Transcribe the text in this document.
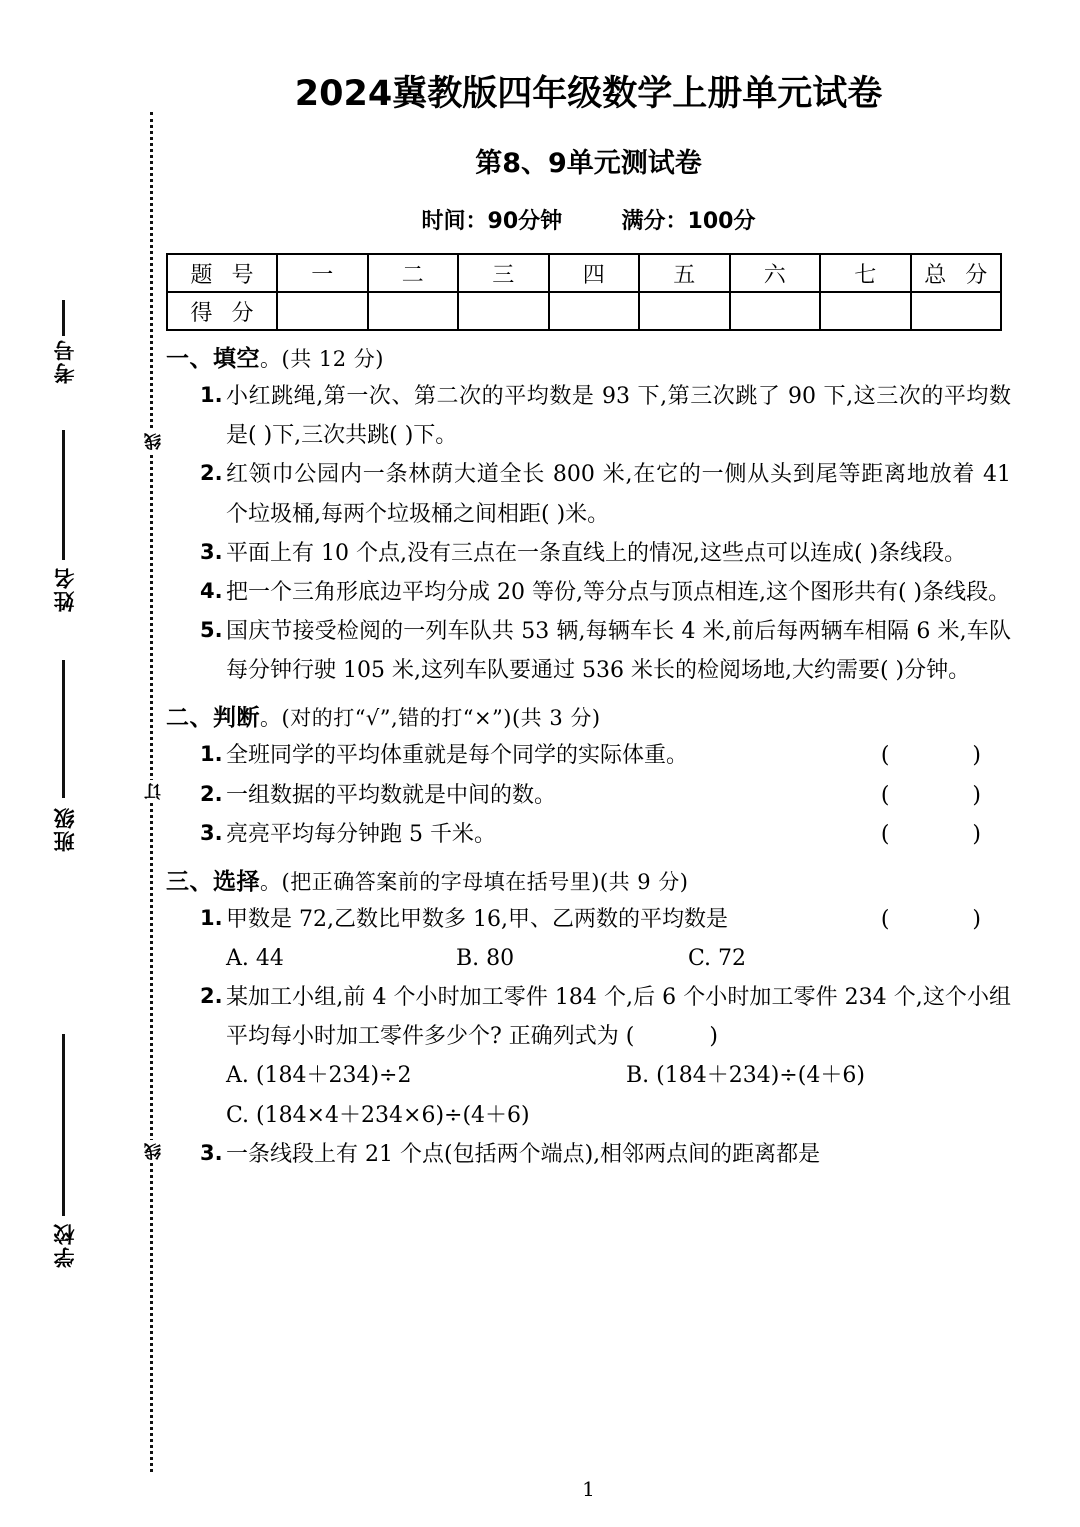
考号
姓名
班级
学校
线
订
线
2024冀教版四年级数学上册单元试卷
第8、9单元测试卷
时间：90分钟	满分：100分
题 号	一	二	三	四	五	六	七	总 分
得 分								
一、填空。(共 12 分)
1. 小红跳绳,第一次、第二次的平均数是 93 下,第三次跳了 90 下,这三次的平均数是( )下,三次共跳( )下。
2. 红领巾公园内一条林荫大道全长 800 米,在它的一侧从头到尾等距离地放着 41 个垃圾桶,每两个垃圾桶之间相距( )米。
3. 平面上有 10 个点,没有三点在一条直线上的情况,这些点可以连成( )条线段。
4. 把一个三角形底边平均分成 20 等份,等分点与顶点相连,这个图形共有( )条线段。
5. 国庆节接受检阅的一列车队共 53 辆,每辆车长 4 米,前后每两辆车相隔 6 米,车队每分钟行驶 105 米,这列车队要通过 536 米长的检阅场地,大约需要( )分钟。
二、判断。(对的打“√”,错的打“×”)(共 3 分)
1. 全班同学的平均体重就是每个同学的实际体重。	( )
2. 一组数据的平均数就是中间的数。	( )
3. 亮亮平均每分钟跑 5 千米。	( )
三、选择。(把正确答案前的字母填在括号里)(共 9 分)
1. 甲数是 72,乙数比甲数多 16,甲、乙两数的平均数是	( )
A. 44	B. 80	C. 72
2. 某加工小组,前 4 个小时加工零件 184 个,后 6 个小时加工零件 234 个,这个小组平均每小时加工零件多少个? 正确列式为 ( )
A. (184＋234)÷2	B. (184＋234)÷(4＋6)
C. (184×4＋234×6)÷(4＋6)
3. 一条线段上有 21 个点(包括两个端点),相邻两点间的距离都是
1
